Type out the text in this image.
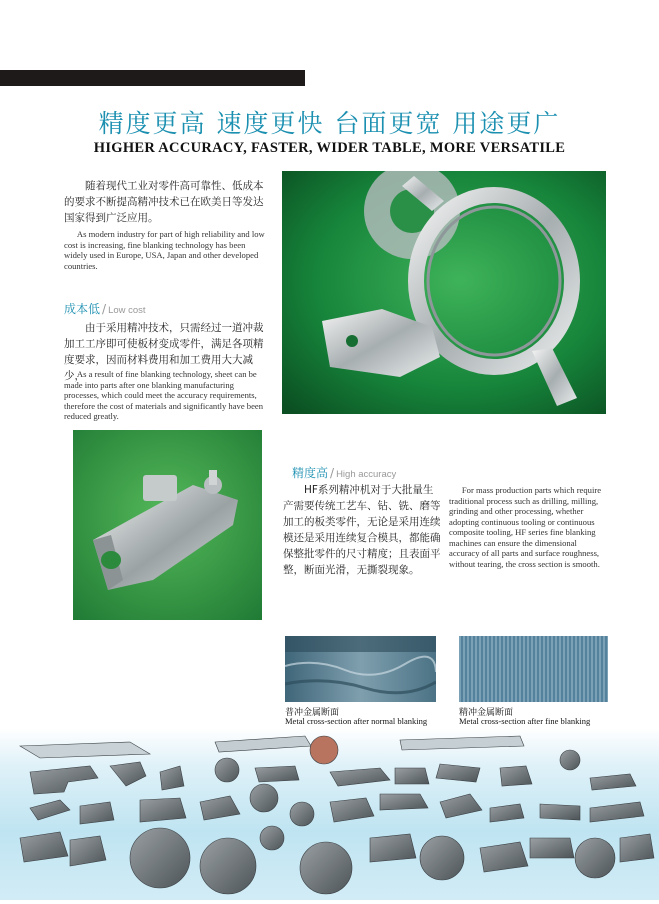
精度更高 速度更快 台面更宽 用途更广
HIGHER ACCURACY, FASTER, WIDER TABLE, MORE VERSATILE
随着现代工业对零件高可靠性、低成本的要求不断提高精冲技术已在欧美日等发达国家得到广泛应用。
As modern industry for part of high reliability and low cost is increasing, fine blanking technology has been widely used in Europe, USA, Japan and other developed countries.
成本低 / Low cost
由于采用精冲技术，只需经过一道冲裁加工工序即可使板材变成零件，满足各项精度要求，因而材料费用和加工费用大大减少，
As a result of fine blanking technology, sheet can be made into parts after one blanking manufacturing processes, which could meet the accuracy requirements, therefore the cost of materials and significantly have been reduced greatly.
精度高 / High accuracy
HF系列精冲机对于大批量生产需要传统工艺车、钻、铣、磨等加工的板类零件，无论是采用连续模还是采用连续复合模具，都能确保整批零件的尺寸精度；且表面平整，断面光滑，无撕裂现象。
For mass production parts which require traditional process such as drilling, milling, grinding and other processing, whether adopting continuous tooling or continuous composite tooling, HF series fine blanking machines can ensure the dimensional accuracy of all parts and surface roughness, without tearing, the cross section is smooth.
普冲金属断面
Metal cross-section after normal blanking
精冲金属断面
Metal cross-section after fine blanking
